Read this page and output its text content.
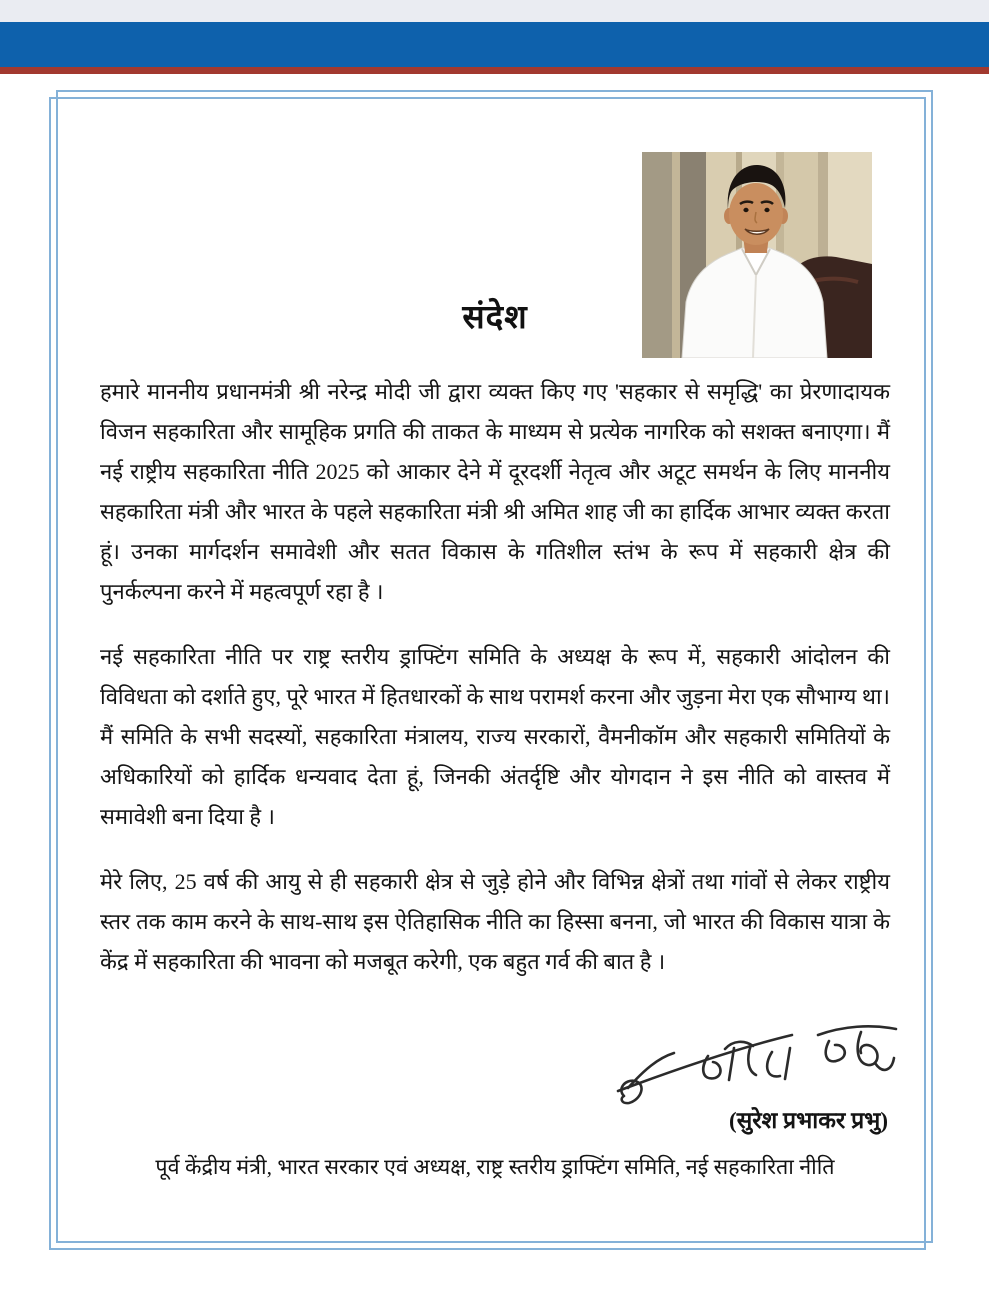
संदेश
हमारे माननीय प्रधानमंत्री श्री नरेन्द्र मोदी जी द्वारा व्यक्त किए गए 'सहकार से समृद्धि' का प्रेरणादायक विजन सहकारिता और सामूहिक प्रगति की ताकत के माध्यम से प्रत्येक नागरिक को सशक्त बनाएगा। मैं नई राष्ट्रीय सहकारिता नीति 2025 को आकार देने में दूरदर्शी नेतृत्व और अटूट समर्थन के लिए माननीय सहकारिता मंत्री और भारत के पहले सहकारिता मंत्री श्री अमित शाह जी का हार्दिक आभार व्यक्त करता हूं। उनका मार्गदर्शन समावेशी और सतत विकास के गतिशील स्तंभ के रूप में सहकारी क्षेत्र की पुनर्कल्पना करने में महत्वपूर्ण रहा है ।
नई सहकारिता नीति पर राष्ट्र स्तरीय ड्राफ्टिंग समिति के अध्यक्ष के रूप में, सहकारी आंदोलन की विविधता को दर्शाते हुए, पूरे भारत में हितधारकों के साथ परामर्श करना और जुड़ना मेरा एक सौभाग्य था। मैं समिति के सभी सदस्यों, सहकारिता मंत्रालय, राज्य सरकारों, वैमनीकॉम और सहकारी समितियों के अधिकारियों को हार्दिक धन्यवाद देता हूं, जिनकी अंतर्दृष्टि और योगदान ने इस नीति को वास्तव में समावेशी बना दिया है ।
मेरे लिए, 25 वर्ष की आयु से ही सहकारी क्षेत्र से जुड़े होने और विभिन्न क्षेत्रों तथा गांवों से लेकर राष्ट्रीय स्तर तक काम करने के साथ-साथ इस ऐतिहासिक नीति का हिस्सा बनना, जो भारत की विकास यात्रा के केंद्र में सहकारिता की भावना को मजबूत करेगी, एक बहुत गर्व की बात है ।
(सुरेश प्रभाकर प्रभु)
पूर्व केंद्रीय मंत्री, भारत सरकार एवं अध्यक्ष, राष्ट्र स्तरीय ड्राफ्टिंग समिति, नई सहकारिता नीति
